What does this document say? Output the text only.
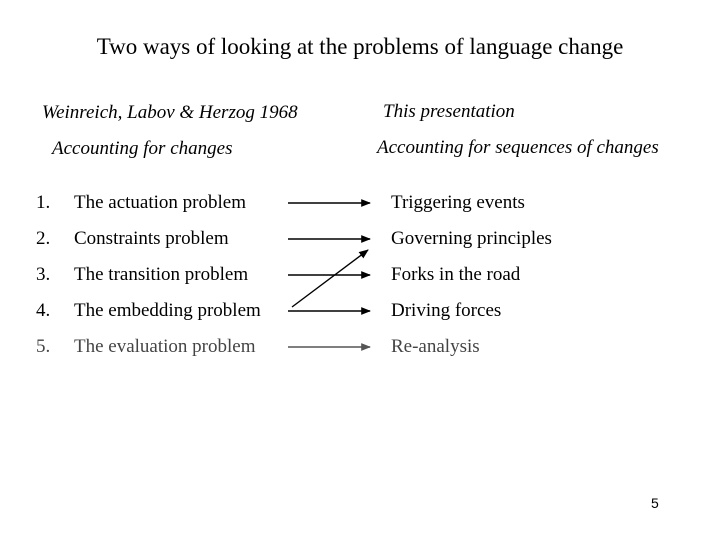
Two ways of looking at the problems of language change
Weinreich, Labov & Herzog 1968
Accounting for changes
This presentation
Accounting for sequences of changes
1. The actuation problem
2. Constraints problem
3. The transition problem
4. The embedding problem
5. The evaluation problem
Triggering events
Governing principles
Forks in the road
Driving forces
Re-analysis
5
